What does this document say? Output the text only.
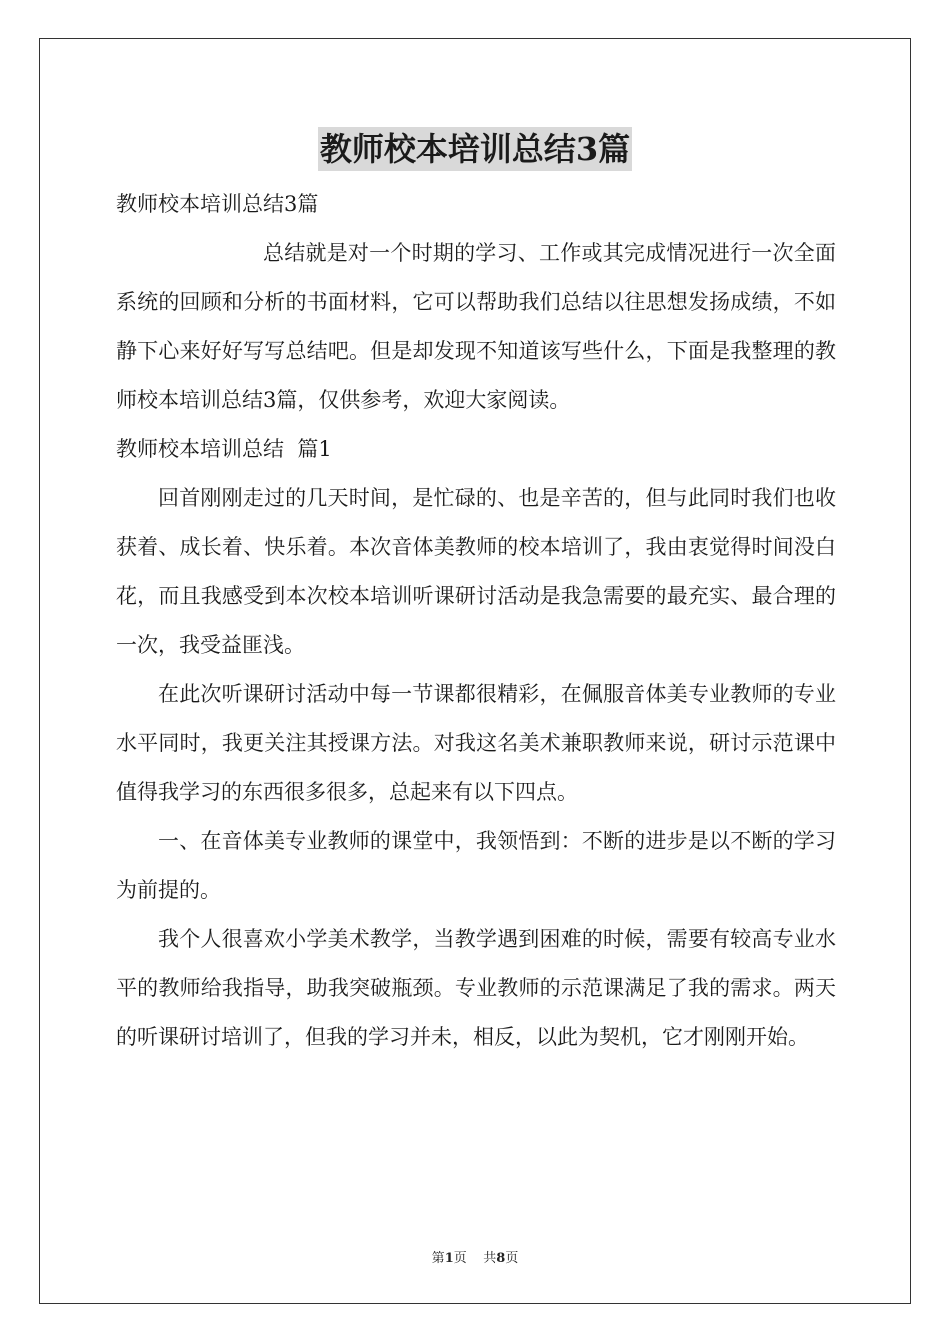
教师校本培训总结3篇

教师校本培训总结3篇

总结就是对一个时期的学习、工作或其完成情况进行一次全面系统的回顾和分析的书面材料，它可以帮助我们总结以往思想发扬成绩，不如静下心来好好写写总结吧。但是却发现不知道该写些什么，下面是我整理的教师校本培训总结3篇，仅供参考，欢迎大家阅读。

教师校本培训总结  篇1

回首刚刚走过的几天时间，是忙碌的、也是辛苦的，但与此同时我们也收获着、成长着、快乐着。本次音体美教师的校本培训了，我由衷觉得时间没白花，而且我感受到本次校本培训听课研讨活动是我急需要的最充实、最合理的一次，我受益匪浅。

在此次听课研讨活动中每一节课都很精彩，在佩服音体美专业教师的专业水平同时，我更关注其授课方法。对我这名美术兼职教师来说，研讨示范课中值得我学习的东西很多很多，总起来有以下四点。

一、在音体美专业教师的课堂中，我领悟到：不断的进步是以不断的学习为前提的。

我个人很喜欢小学美术教学，当教学遇到困难的时候，需要有较高专业水平的教师给我指导，助我突破瓶颈。专业教师的示范课满足了我的需求。两天的听课研讨培训了，但我的学习并未，相反，以此为契机，它才刚刚开始。

第1页    共8页
